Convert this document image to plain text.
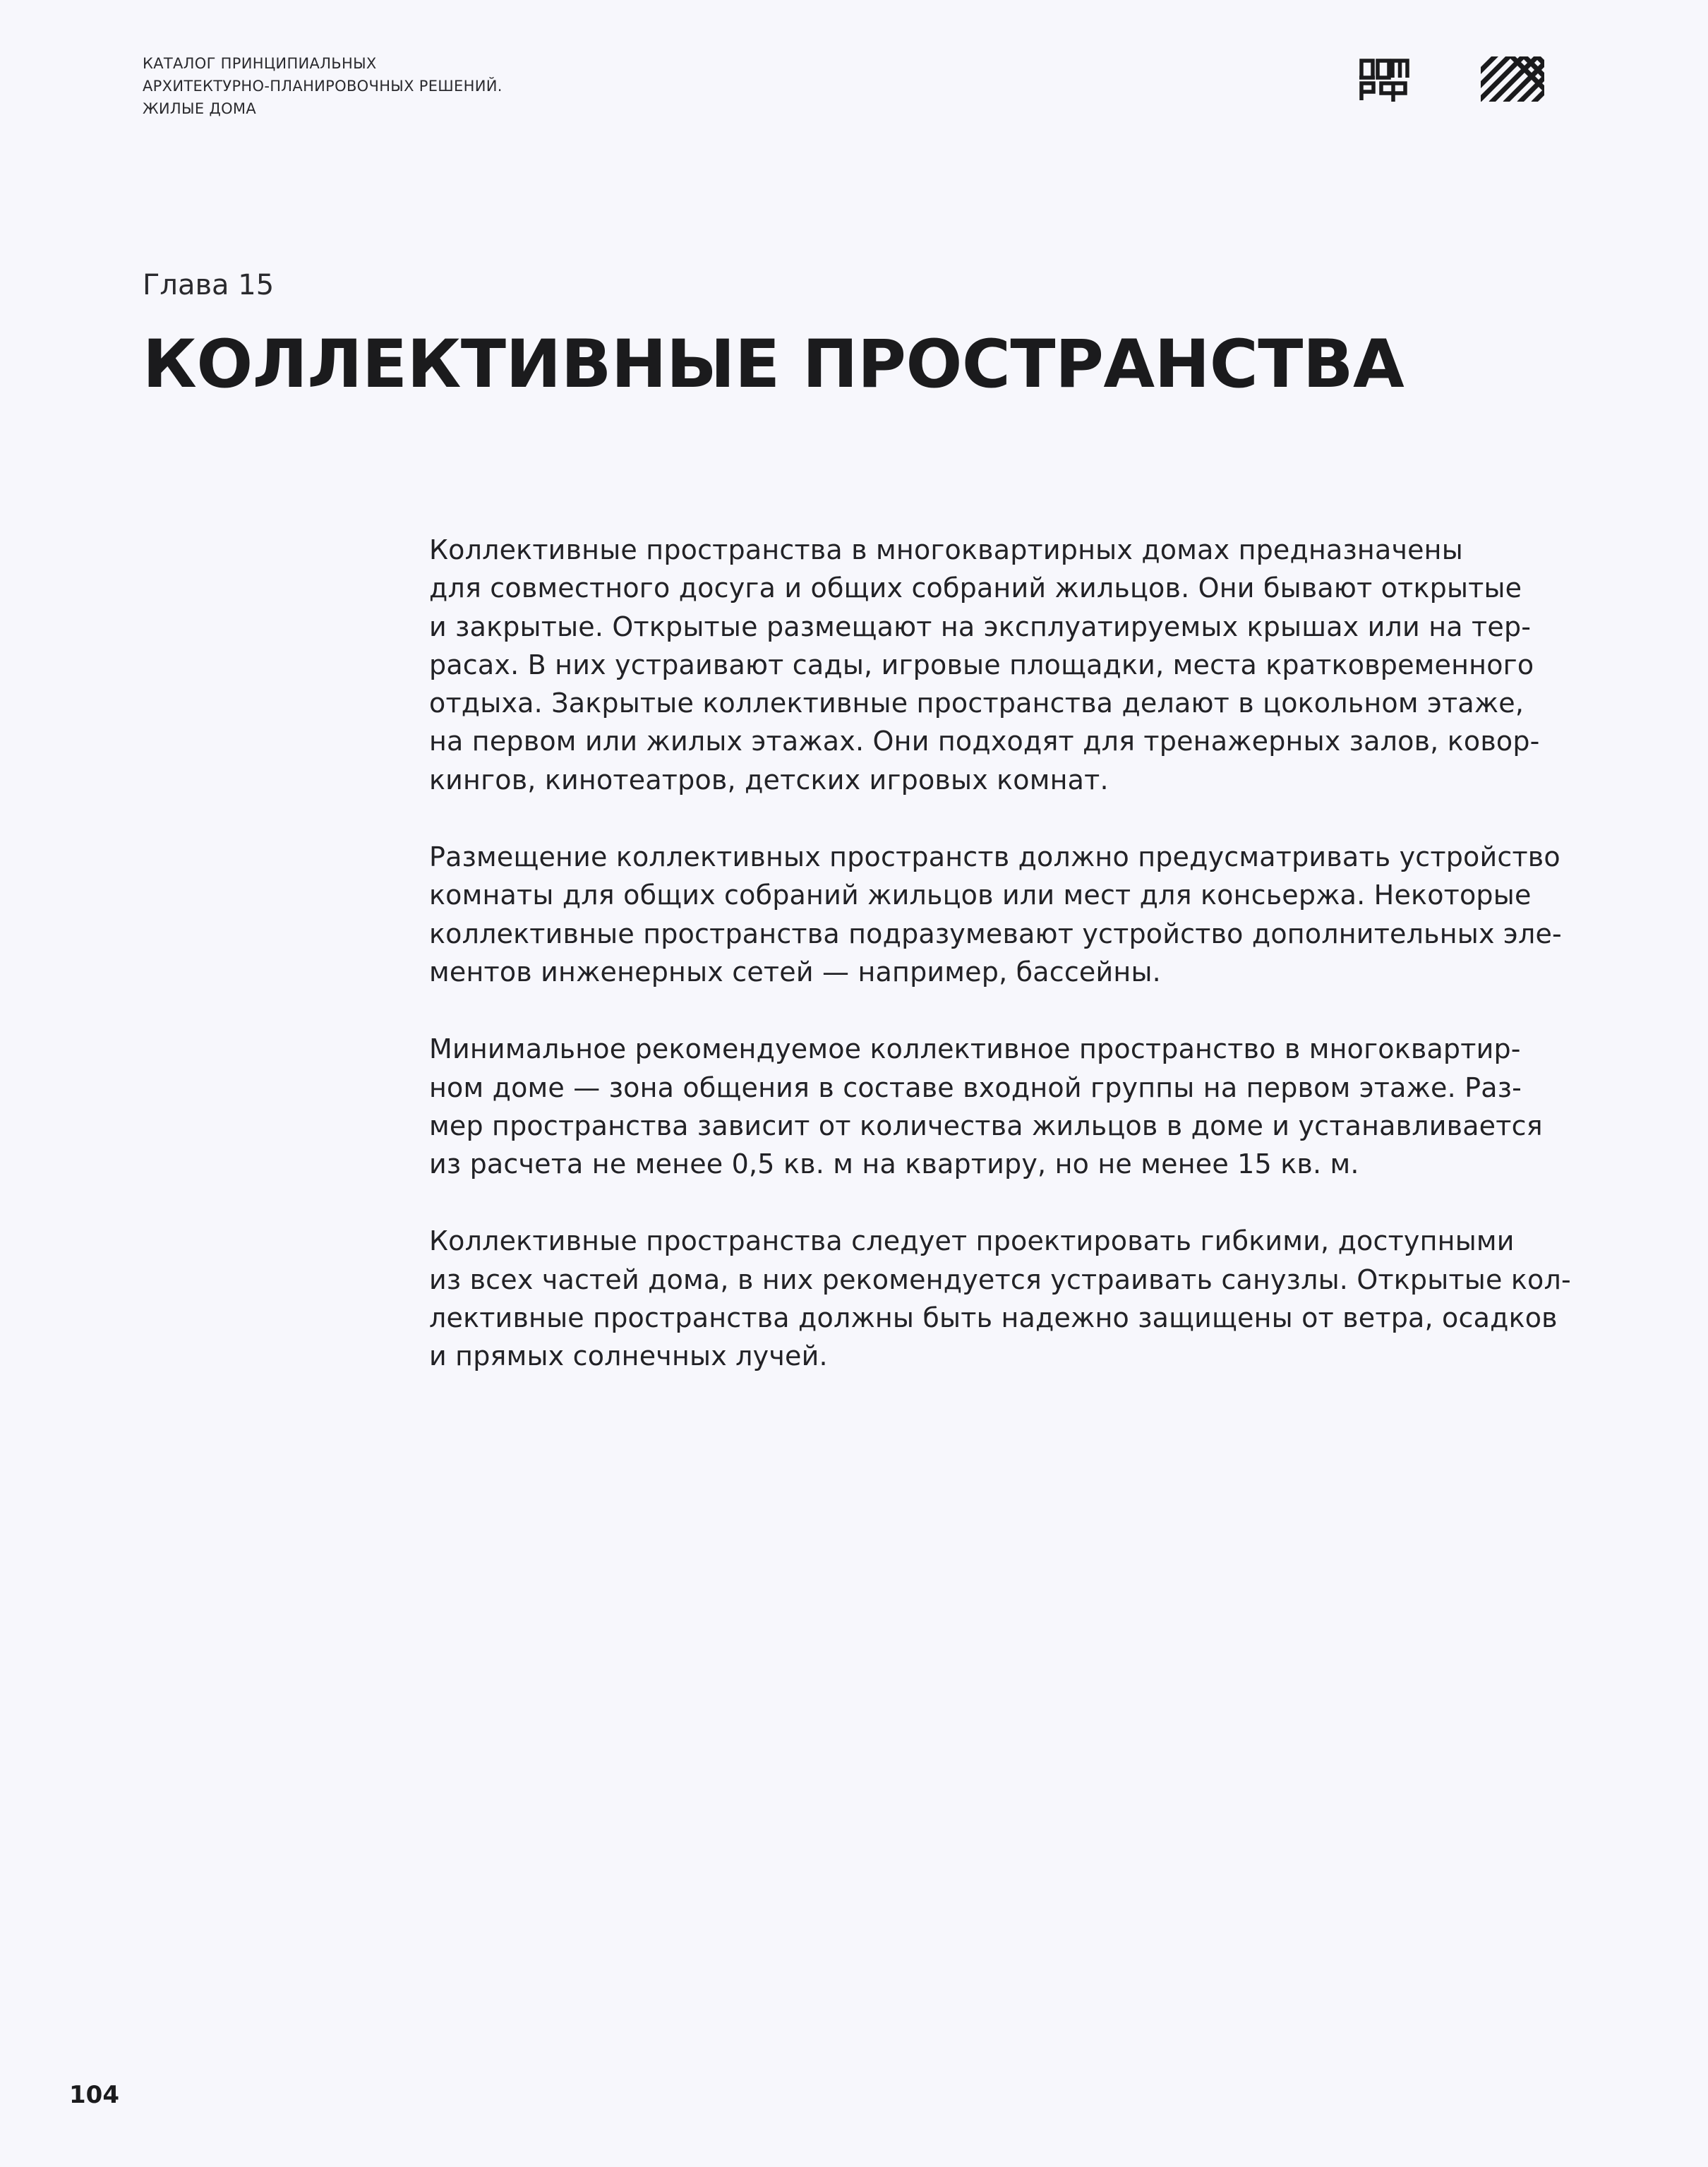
КАТАЛОГ ПРИНЦИПИАЛЬНЫХ
АРХИТЕКТУРНО-ПЛАНИРОВОЧНЫХ РЕШЕНИЙ.
ЖИЛЫЕ ДОМА
Глава 15
КОЛЛЕКТИВНЫЕ ПРОСТРАНСТВА

Коллективные пространства в многоквартирных домах предназначены
для совместного досуга и общих собраний жильцов. Они бывают открытые
и закрытые. Открытые размещают на эксплуатируемых крышах или на тер-
расах. В них устраивают сады, игровые площадки, места кратковременного
отдыха. Закрытые коллективные пространства делают в цокольном этаже,
на первом или жилых этажах. Они подходят для тренажерных залов, ковор-
кингов, кинотеатров, детских игровых комнат.

Размещение коллективных пространств должно предусматривать устройство
комнаты для общих собраний жильцов или мест для консьержа. Некоторые
коллективные пространства подразумевают устройство дополнительных эле-
ментов инженерных сетей — например, бассейны.

Минимальное рекомендуемое коллективное пространство в многоквартир-
ном доме — зона общения в составе входной группы на первом этаже. Раз-
мер пространства зависит от количества жильцов в доме и устанавливается
из расчета не менее 0,5 кв. м на квартиру, но не менее 15 кв. м.

Коллективные пространства следует проектировать гибкими, доступными
из всех частей дома, в них рекомендуется устраивать санузлы. Открытые кол-
лективные пространства должны быть надежно защищены от ветра, осадков
и прямых солнечных лучей.

104
